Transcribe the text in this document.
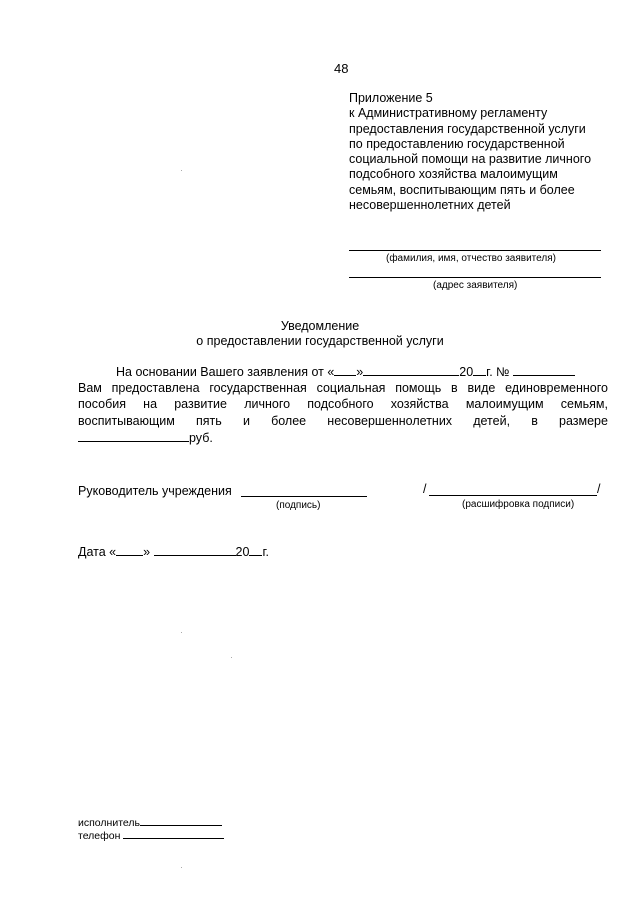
48
Приложение 5
к Административному регламенту
предоставления государственной услуги
по предоставлению государственной
социальной помощи на развитие личного
подсобного хозяйства малоимущим
семьям, воспитывающим пять и более
несовершеннолетних детей
(фамилия, имя, отчество заявителя)
(адрес заявителя)
Уведомление
о предоставлении государственной услуги
На основании Вашего заявления от « »	20 г. №
Вам предоставлена государственная социальная помощь в виде единовременного
пособия на развитие личного подсобного хозяйства малоимущим семьям,
воспитывающим пять и более несовершеннолетних детей, в размере
руб.
Руководитель учреждения	/	/
(подпись)	(расшифровка подписи)
Дата « »	20 г.
исполнитель
телефон
